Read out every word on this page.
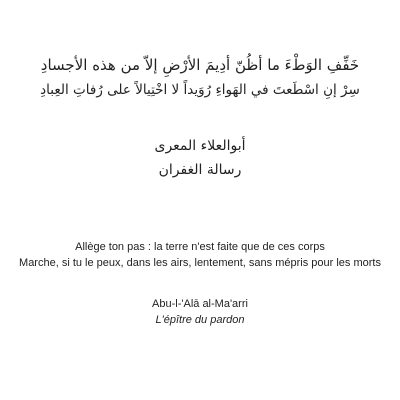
خَفِّفِ الوَطْءَ ما أظُنّ أدِيمَ الأرْضِ إلاّ من هذه الأجسادِ
سِرْ إنِ اسْطَعتَ في الهَواءِ رُوَيداً لا اخْتِيالاً على رُفاتِ العِبادِ
أبوالعلاء المعرى
رسالة الغفران
Allège ton pas : la terre n'est faite que de ces corps
Marche, si tu le peux, dans les airs, lentement, sans mépris pour les morts
Abu-l-'Alā al-Ma'arri
L'épître du pardon
